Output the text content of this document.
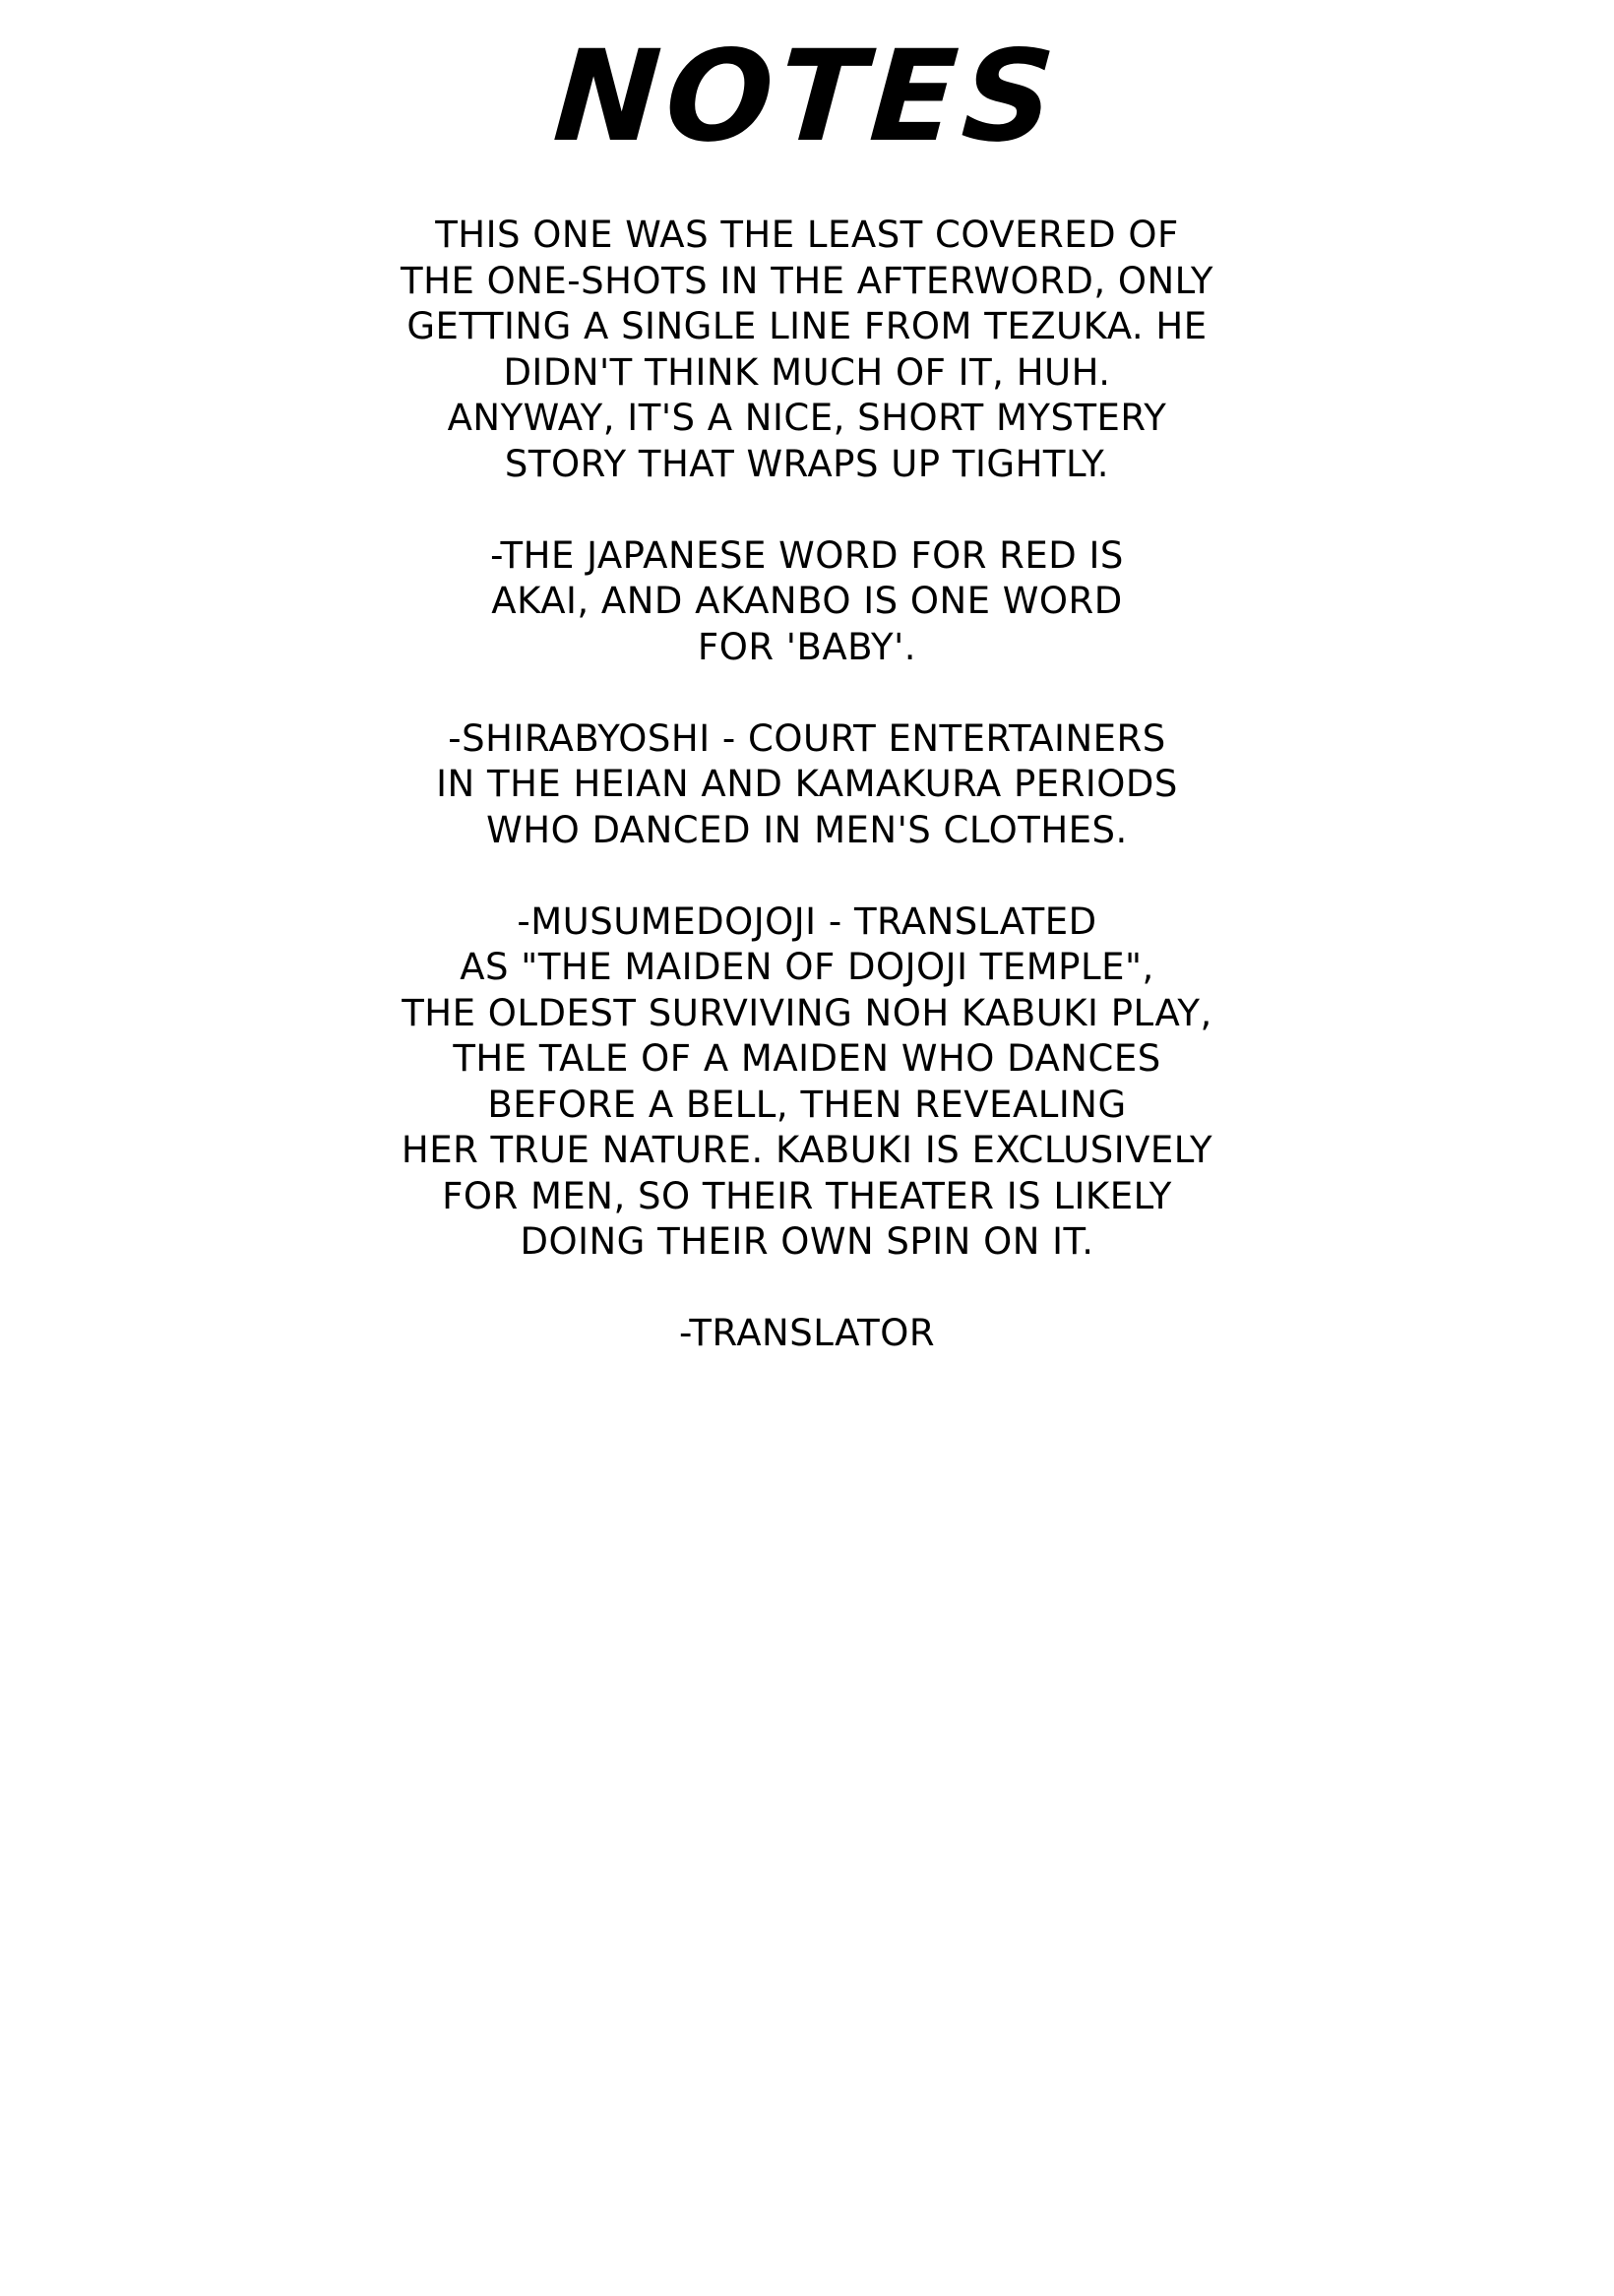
NOTES
THIS ONE WAS THE LEAST COVERED OF
THE ONE-SHOTS IN THE AFTERWORD, ONLY
GETTING A SINGLE LINE FROM TEZUKA. HE
DIDN'T THINK MUCH OF IT, HUH.
ANYWAY, IT'S A NICE, SHORT MYSTERY
STORY THAT WRAPS UP TIGHTLY.
-THE JAPANESE WORD FOR RED IS
AKAI, AND AKANBO IS ONE WORD
FOR 'BABY'.
-SHIRABYOSHI - COURT ENTERTAINERS
IN THE HEIAN AND KAMAKURA PERIODS
WHO DANCED IN MEN'S CLOTHES.
-MUSUMEDOJOJI - TRANSLATED
AS "THE MAIDEN OF DOJOJI TEMPLE",
THE OLDEST SURVIVING NOH KABUKI PLAY,
THE TALE OF A MAIDEN WHO DANCES
BEFORE A BELL, THEN REVEALING
HER TRUE NATURE. KABUKI IS EXCLUSIVELY
FOR MEN, SO THEIR THEATER IS LIKELY
DOING THEIR OWN SPIN ON IT.
-TRANSLATOR
